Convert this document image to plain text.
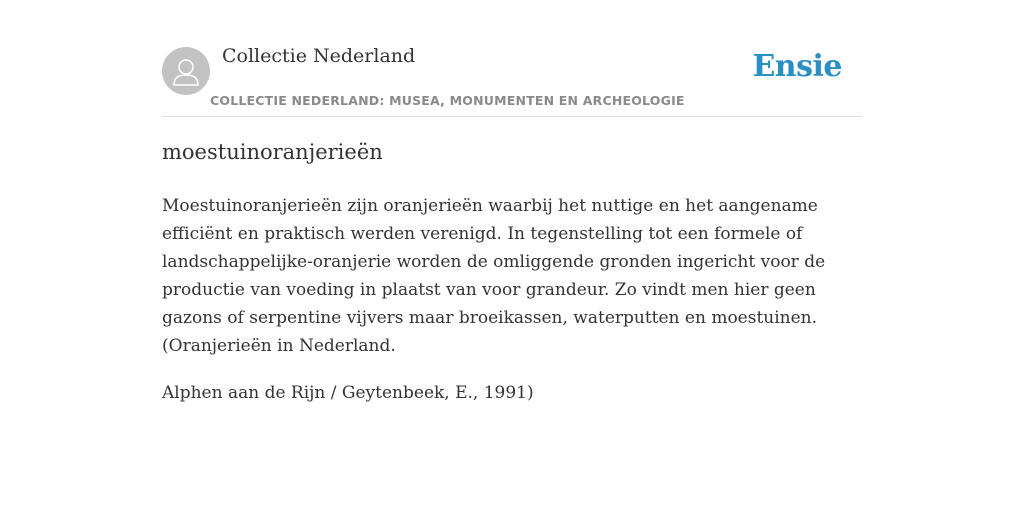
Collectie Nederland
COLLECTIE NEDERLAND: MUSEA, MONUMENTEN EN ARCHEOLOGIE
Ensie
moestuinoranjerieën

Moestuinoranjerieën zijn oranjerieën waarbij het nuttige en het aangename
efficiënt en praktisch werden verenigd. In tegenstelling tot een formele of
landschappelijke-oranjerie worden de omliggende gronden ingericht voor de
productie van voeding in plaatst van voor grandeur. Zo vindt men hier geen
gazons of serpentine vijvers maar broeikassen, waterputten en moestuinen.
(Oranjerieën in Nederland.

Alphen aan de Rijn / Geytenbeek, E., 1991)
